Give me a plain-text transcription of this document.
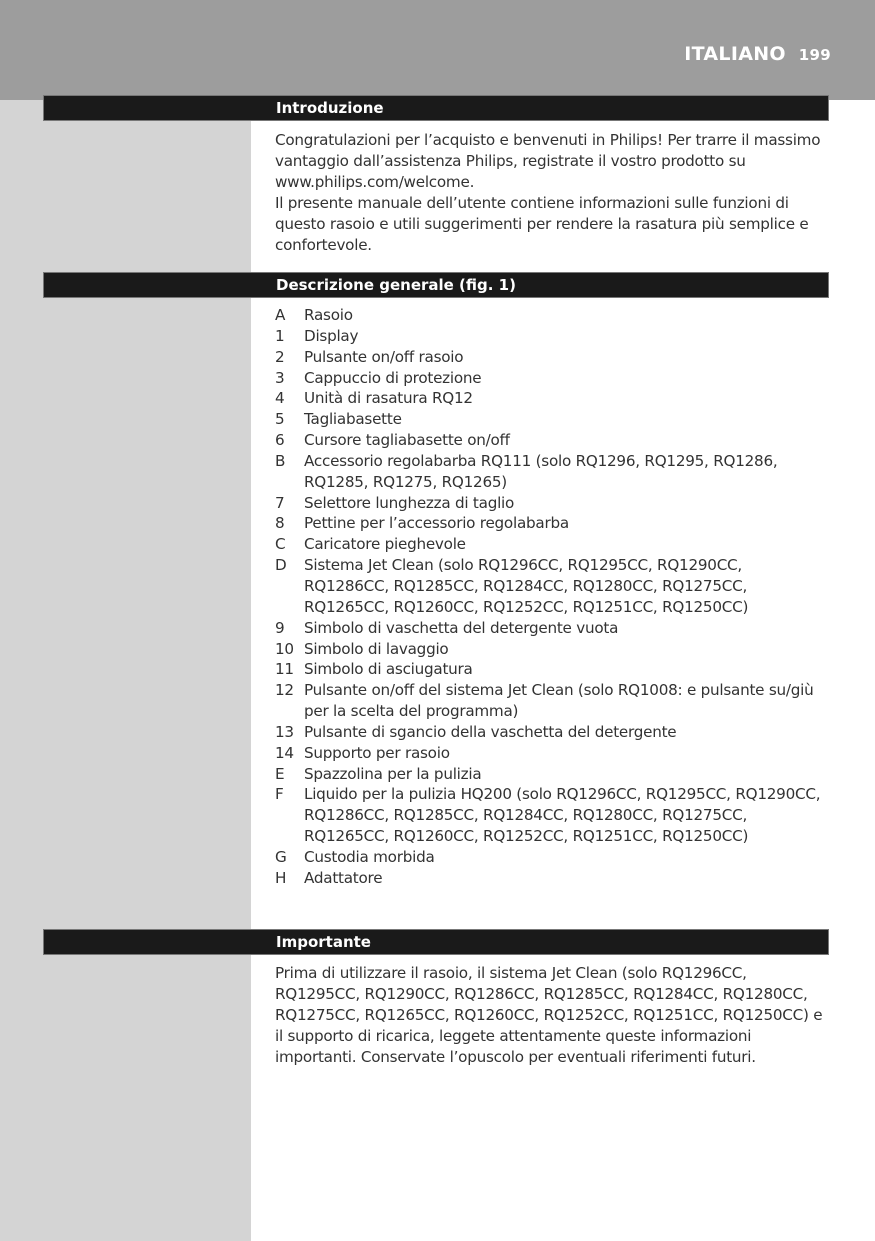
ITALIANO 199
Introduzione

Congratulazioni per l’acquisto e benvenuti in Philips! Per trarre il massimo vantaggio dall’assistenza Philips, registrate il vostro prodotto su www.philips.com/welcome.

Il presente manuale dell’utente contiene informazioni sulle funzioni di questo rasoio e utili suggerimenti per rendere la rasatura più semplice e confortevole.

Descrizione generale (fig. 1)
A	Rasoio
1	Display
2	Pulsante on/off rasoio
3	Cappuccio di protezione
4	Unità di rasatura RQ12
5	Tagliabasette
6	Cursore tagliabasette on/off
B	Accessorio regolabarba RQ111 (solo RQ1296, RQ1295, RQ1286, RQ1285, RQ1275, RQ1265)
7	Selettore lunghezza di taglio
8	Pettine per l’accessorio regolabarba
C	Caricatore pieghevole
D	Sistema Jet Clean (solo RQ1296CC, RQ1295CC, RQ1290CC, RQ1286CC, RQ1285CC, RQ1284CC, RQ1280CC, RQ1275CC, RQ1265CC, RQ1260CC, RQ1252CC, RQ1251CC, RQ1250CC)
9	Simbolo di vaschetta del detergente vuota
10 Simbolo di lavaggio
11 Simbolo di asciugatura
12 Pulsante on/off del sistema Jet Clean (solo RQ1008: e pulsante su/giù per la scelta del programma)
13 Pulsante di sgancio della vaschetta del detergente
14 Supporto per rasoio
E	Spazzolina per la pulizia
F	Liquido per la pulizia HQ200 (solo RQ1296CC, RQ1295CC, RQ1290CC, RQ1286CC, RQ1285CC, RQ1284CC, RQ1280CC, RQ1275CC, RQ1265CC, RQ1260CC, RQ1252CC, RQ1251CC, RQ1250CC)
G	Custodia morbida
H	Adattatore
Importante

Prima di utilizzare il rasoio, il sistema Jet Clean (solo RQ1296CC, RQ1295CC, RQ1290CC, RQ1286CC, RQ1285CC, RQ1284CC, RQ1280CC, RQ1275CC, RQ1265CC, RQ1260CC, RQ1252CC, RQ1251CC, RQ1250CC) e il supporto di ricarica, leggete attentamente queste informazioni importanti. Conservate l’opuscolo per eventuali riferimenti futuri.
